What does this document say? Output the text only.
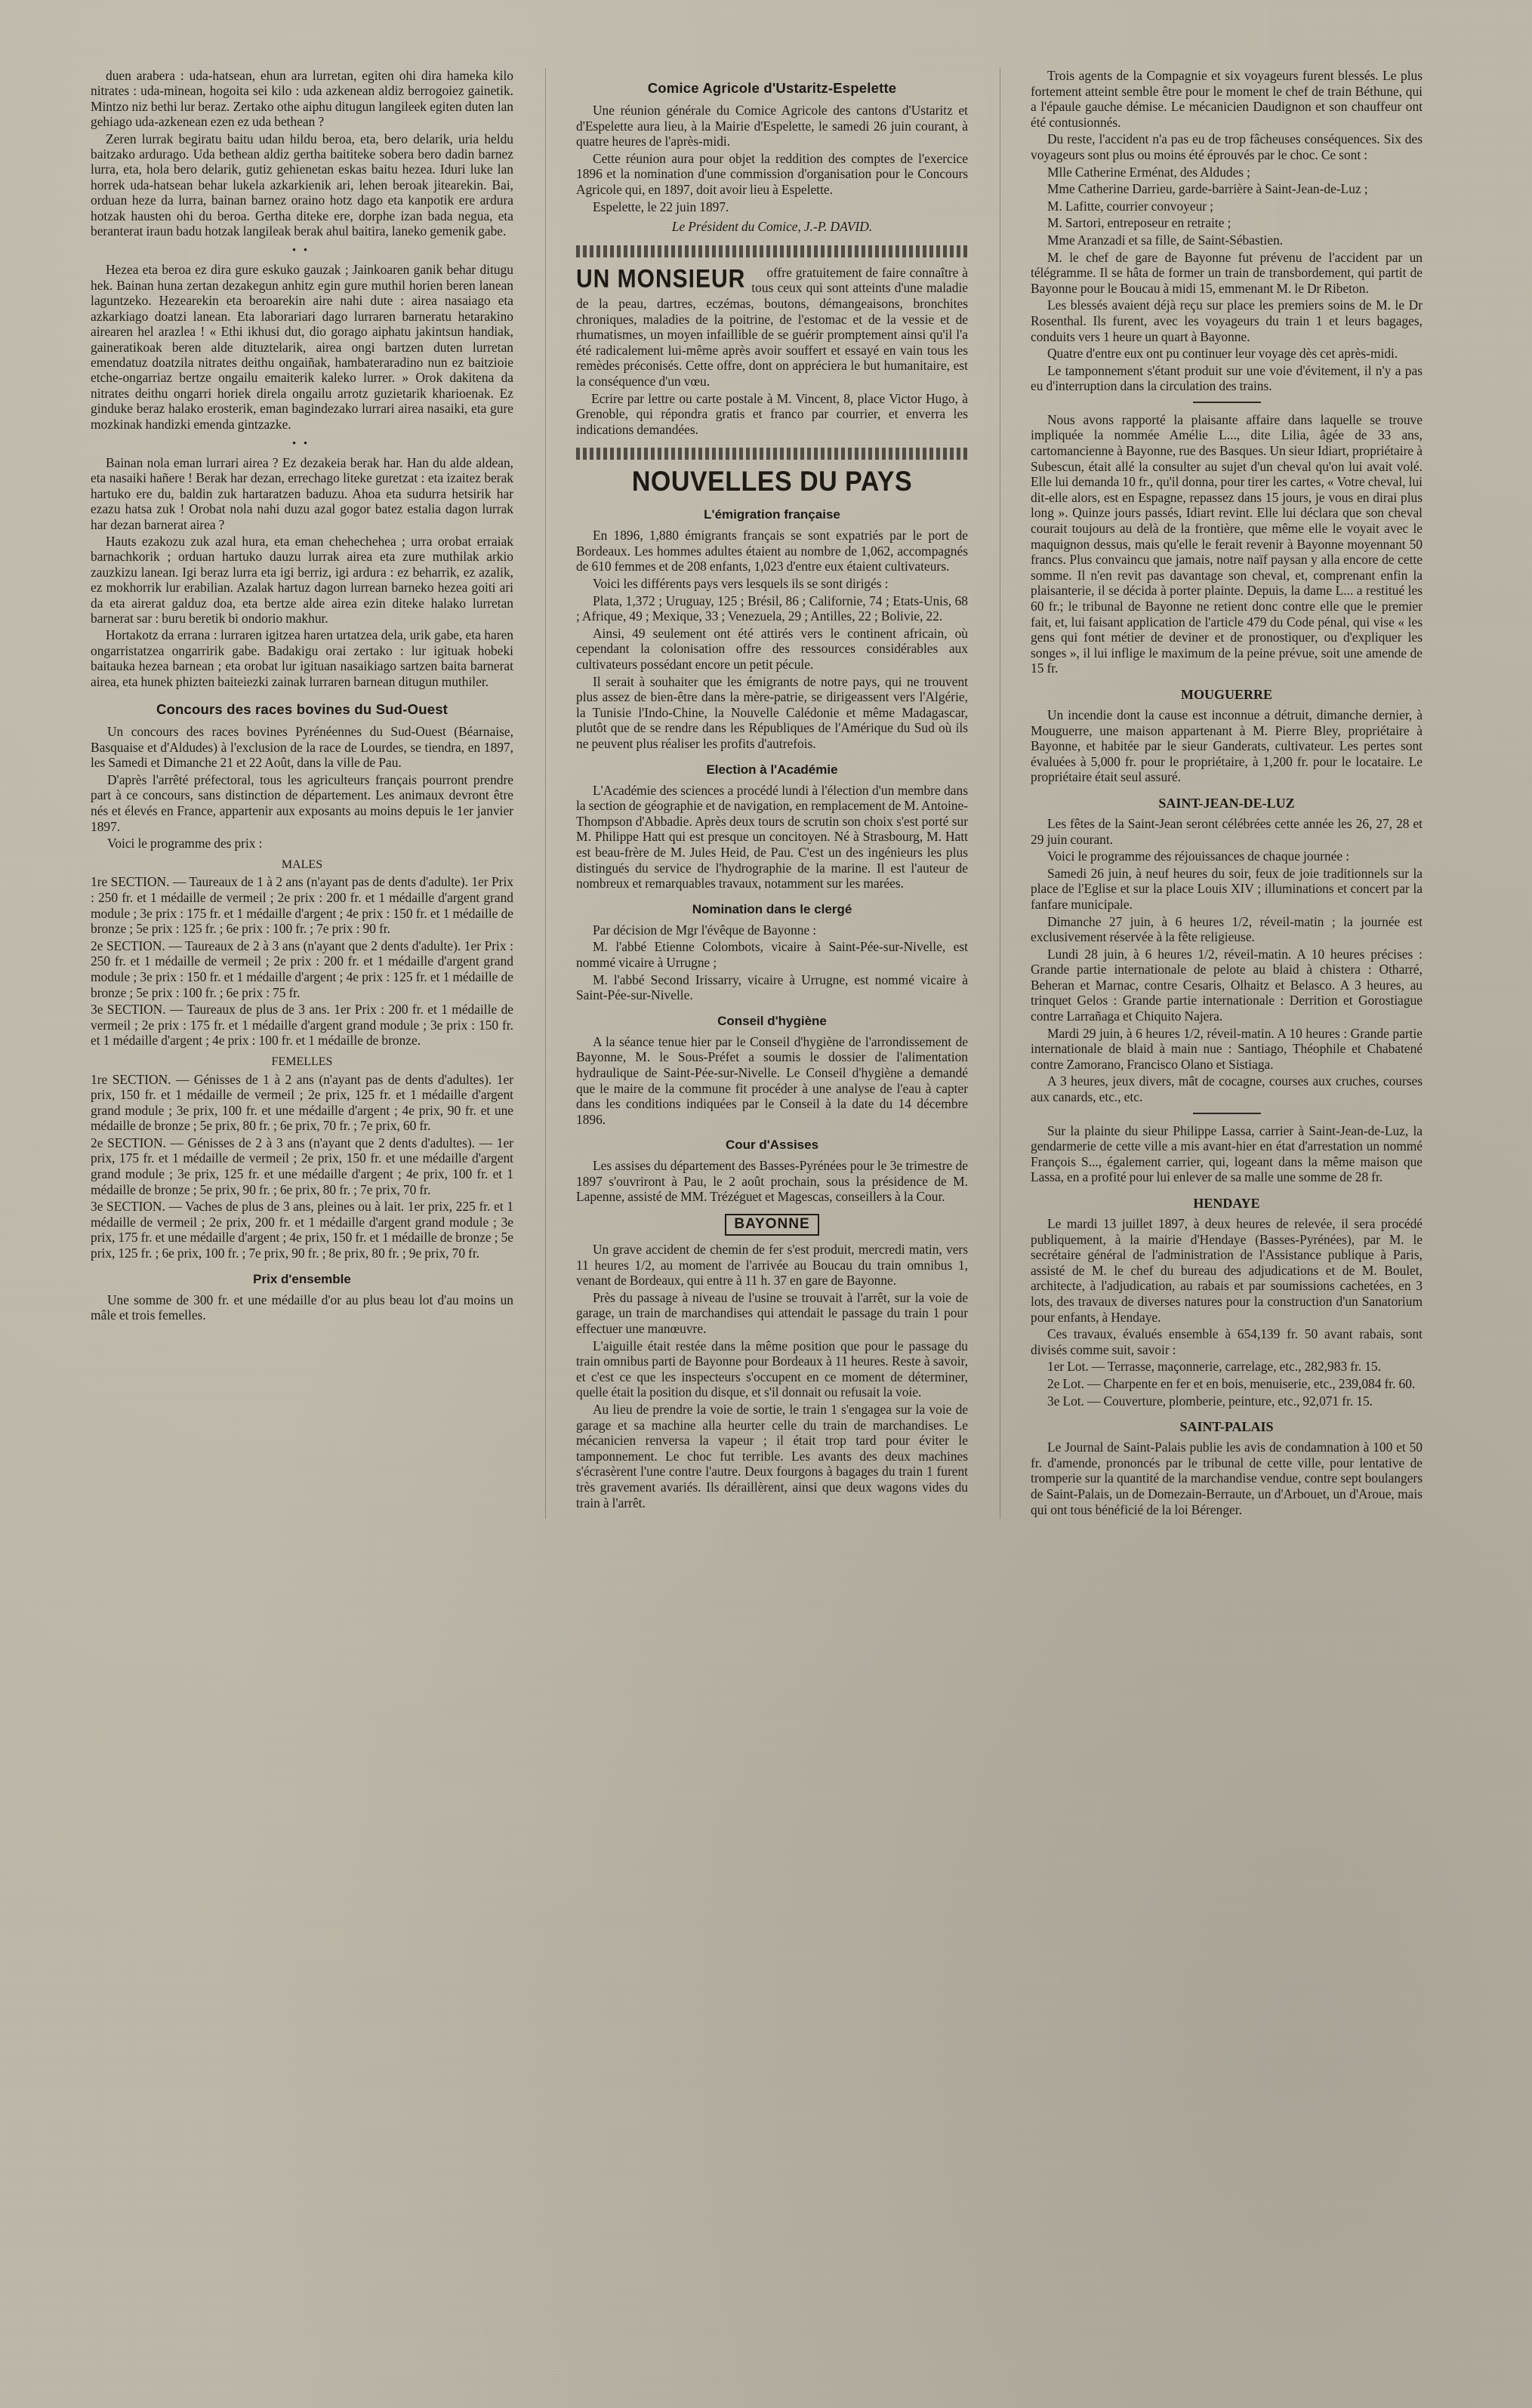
duen arabera : uda-hatsean, ehun ara lurretan, egiten ohi dira hameka kilo nitrates : uda-minean, hogoita sei kilo : uda azkenean aldiz berrogoiez gainetik. Mintzo niz bethi lur beraz. Zertako othe aiphu ditugun langileek egiten duten lan gehiago uda-azkenean ezen ez uda bethean ?

Zeren lurrak begiratu baitu udan hildu beroa, eta, bero delarik, uria heldu baitzako ardurago. Uda bethean aldiz gertha baititeke sobera bero dadin barnez lurra, eta, hola bero delarik, gutiz gehienetan eskas baitu hezea. Iduri luke lan horrek uda-hatsean behar lukela azkarkienik ari, lehen beroak jitearekin. Bai, orduan heze da lurra, bainan barnez oraino hotz dago eta kanpotik ere ardura hotzak hausten ohi du beroa. Gertha diteke ere, dorphe izan bada negua, eta beranterat iraun badu hotzak langileak berak ahul baitira, laneko gemenik gabe.

• •

Hezea eta beroa ez dira gure eskuko gauzak ; Jainkoaren ganik behar ditugu hek. Bainan huna zertan dezakegun anhitz egin gure muthil horien beren lanean laguntzeko. Hezearekin eta beroarekin aire nahi dute : airea nasaiago eta azkarkiago doatzi lanean. Eta laborariari dago lurraren barneratu hetarakino airearen hel arazlea ! « Ethi ikhusi dut, dio gorago aiphatu jakintsun handiak, gaineratikoak beren alde dituztelarik, airea ongi bartzen duten lurretan emendatuz doatzila nitrates deithu ongaiñak, hambateraradino nun ez baitzioie etche-ongarriaz bertze ongailu emaiterik kaleko lurrer. » Orok dakitena da nitrates deithu ongarri horiek direla ongailu arrotz guzietarik kharioenak. Ez ginduke beraz halako erosterik, eman bagindezako lurrari airea nasaiki, eta gure mozkinak handizki emenda gintzazke.

• •

Bainan nola eman lurrari airea ? Ez dezakeia berak har. Han du alde aldean, eta nasaiki hañere ! Berak har dezan, errechago liteke guretzat : eta izaitez berak hartuko ere du, baldin zuk hartaratzen baduzu. Ahoa eta sudurra hetsirik har ezazu hatsa zuk ! Orobat nola nahi duzu azal gogor batez estalia dagon lurrak har dezan barnerat airea ?

Hauts ezakozu zuk azal hura, eta eman chehechehea ; urra orobat erraiak barnachkorik ; orduan hartuko dauzu lurrak airea eta zure muthilak arkio zauzkizu lanean. Igi beraz lurra eta igi berriz, igi ardura : ez beharrik, ez azalik, ez mokhorrik lur erabilian. Azalak hartuz dagon lurrean barneko hezea goiti ari da eta airerat galduz doa, eta bertze alde airea ezin diteke halako lurretan barnerat sar : buru beretik bi ondorio makhur.

Hortakotz da errana : lurraren igitzea haren urtatzea dela, urik gabe, eta haren ongarristatzea ongarririk gabe. Badakigu orai zertako : lur igituak hobeki baitauka hezea barnean ; eta orobat lur igituan nasaikiago sartzen baita barnerat airea, eta hunek phizten baiteiezki zainak lurraren barnean ditugun muthiler.

Concours des races bovines du Sud-Ouest

Un concours des races bovines Pyrénéennes du Sud-Ouest (Béarnaise, Basquaise et d'Aldudes) à l'exclusion de la race de Lourdes, se tiendra, en 1897, les Samedi et Dimanche 21 et 22 Août, dans la ville de Pau.

D'après l'arrêté préfectoral, tous les agriculteurs français pourront prendre part à ce concours, sans distinction de département. Les animaux devront être nés et élevés en France, appartenir aux exposants au moins depuis le 1er janvier 1897.

Voici le programme des prix :

MALES

1re SECTION. — Taureaux de 1 à 2 ans (n'ayant pas de dents d'adulte). 1er Prix : 250 fr. et 1 médaille de vermeil ; 2e prix : 200 fr. et 1 médaille d'argent grand module ; 3e prix : 175 fr. et 1 médaille d'argent ; 4e prix : 150 fr. et 1 médaille de bronze ; 5e prix : 125 fr. ; 6e prix : 100 fr. ; 7e prix : 90 fr.

2e SECTION. — Taureaux de 2 à 3 ans (n'ayant que 2 dents d'adulte). 1er Prix : 250 fr. et 1 médaille de vermeil ; 2e prix : 200 fr. et 1 médaille d'argent grand module ; 3e prix : 150 fr. et 1 médaille d'argent ; 4e prix : 125 fr. et 1 médaille de bronze ; 5e prix : 100 fr. ; 6e prix : 75 fr.

3e SECTION. — Taureaux de plus de 3 ans. 1er Prix : 200 fr. et 1 médaille de vermeil ; 2e prix : 175 fr. et 1 médaille d'argent grand module ; 3e prix : 150 fr. et 1 médaille d'argent ; 4e prix : 100 fr. et 1 médaille de bronze.

FEMELLES

1re SECTION. — Génisses de 1 à 2 ans (n'ayant pas de dents d'adultes). 1er prix, 150 fr. et 1 médaille de vermeil ; 2e prix, 125 fr. et 1 médaille d'argent grand module ; 3e prix, 100 fr. et une médaille d'argent ; 4e prix, 90 fr. et une médaille de bronze ; 5e prix, 80 fr. ; 6e prix, 70 fr. ; 7e prix, 60 fr.

2e SECTION. — Génisses de 2 à 3 ans (n'ayant que 2 dents d'adultes). — 1er prix, 175 fr. et 1 médaille de vermeil ; 2e prix, 150 fr. et une médaille d'argent grand module ; 3e prix, 125 fr. et une médaille d'argent ; 4e prix, 100 fr. et 1 médaille de bronze ; 5e prix, 90 fr. ; 6e prix, 80 fr. ; 7e prix, 70 fr.

3e SECTION. — Vaches de plus de 3 ans, pleines ou à lait. 1er prix, 225 fr. et 1 médaille de vermeil ; 2e prix, 200 fr. et 1 médaille d'argent grand module ; 3e prix, 175 fr. et une médaille d'argent ; 4e prix, 150 fr. et 1 médaille de bronze ; 5e prix, 125 fr. ; 6e prix, 100 fr. ; 7e prix, 90 fr. ; 8e prix, 80 fr. ; 9e prix, 70 fr.

Prix d'ensemble

Une somme de 300 fr. et une médaille d'or au plus beau lot d'au moins un mâle et trois femelles.

Comice Agricole d'Ustaritz-Espelette

Une réunion générale du Comice Agricole des cantons d'Ustaritz et d'Espelette aura lieu, à la Mairie d'Espelette, le samedi 26 juin courant, à quatre heures de l'après-midi.

Cette réunion aura pour objet la reddition des comptes de l'exercice 1896 et la nomination d'une commission d'organisation pour le Concours Agricole qui, en 1897, doit avoir lieu à Espelette.

Espelette, le 22 juin 1897.

Le Président du Comice, J.-P. DAVID.

UN MONSIEUR	offre gratuitement de faire connaître à tous ceux qui sont atteints d'une maladie de la peau, dartres, eczémas, boutons, démangeaisons, bronchites chroniques, maladies de la poitrine, de l'estomac et de la vessie et de rhumatismes, un moyen infaillible de se guérir promptement ainsi qu'il l'a été radicalement lui-même après avoir souffert et essayé en vain tous les remèdes préconisés. Cette offre, dont on appréciera le but humanitaire, est la conséquence d'un vœu.

Ecrire par lettre ou carte postale à M. Vincent, 8, place Victor Hugo, à Grenoble, qui répondra gratis et franco par courrier, et enverra les indications demandées.

NOUVELLES DU PAYS
L'émigration française

En 1896, 1,880 émigrants français se sont expatriés par le port de Bordeaux. Les hommes adultes étaient au nombre de 1,062, accompagnés de 610 femmes et de 208 enfants, 1,023 d'entre eux étaient cultivateurs.

Voici les différents pays vers lesquels ils se sont dirigés :

Plata, 1,372 ; Uruguay, 125 ; Brésil, 86 ; Californie, 74 ; Etats-Unis, 68 ; Afrique, 49 ; Mexique, 33 ; Venezuela, 29 ; Antilles, 22 ; Bolivie, 22.

Ainsi, 49 seulement ont été attirés vers le continent africain, où cependant la colonisation offre des ressources considérables aux cultivateurs possédant encore un petit pécule.

Il serait à souhaiter que les émigrants de notre pays, qui ne trouvent plus assez de bien-être dans la mère-patrie, se dirigeassent vers l'Algérie, la Tunisie l'Indo-Chine, la Nouvelle Calédonie et même Madagascar, plutôt que de se rendre dans les Républiques de l'Amérique du Sud où ils ne peuvent plus réaliser les profits d'autrefois.

Election à l'Académie

L'Académie des sciences a procédé lundi à l'élection d'un membre dans la section de géographie et de navigation, en remplacement de M. Antoine-Thompson d'Abbadie. Après deux tours de scrutin son choix s'est porté sur M. Philippe Hatt qui est presque un concitoyen. Né à Strasbourg, M. Hatt est beau-frère de M. Jules Heid, de Pau. C'est un des ingénieurs les plus distingués du service de l'hydrographie de la marine. Il est l'auteur de nombreux et remarquables travaux, notamment sur les marées.

Nomination dans le clergé

Par décision de Mgr l'évêque de Bayonne :

M. l'abbé Etienne Colombots, vicaire à Saint-Pée-sur-Nivelle, est nommé vicaire à Urrugne ;

M. l'abbé Second Irissarry, vicaire à Urrugne, est nommé vicaire à Saint-Pée-sur-Nivelle.

Conseil d'hygiène

A la séance tenue hier par le Conseil d'hygiène de l'arrondissement de Bayonne, M. le Sous-Préfet a soumis le dossier de l'alimentation hydraulique de Saint-Pée-sur-Nivelle. Le Conseil d'hygiène a demandé que le maire de la commune fit procéder à une analyse de l'eau à capter dans les conditions indiquées par le Conseil à la date du 14 décembre 1896.

Cour d'Assises

Les assises du département des Basses-Pyrénées pour le 3e trimestre de 1897 s'ouvriront à Pau, le 2 août prochain, sous la présidence de M. Lapenne, assisté de MM. Trézéguet et Magescas, conseillers à la Cour.

BAYONNE

Un grave accident de chemin de fer s'est produit, mercredi matin, vers 11 heures 1/2, au moment de l'arrivée au Boucau du train omnibus 1, venant de Bordeaux, qui entre à 11 h. 37 en gare de Bayonne.

Près du passage à niveau de l'usine se trouvait à l'arrêt, sur la voie de garage, un train de marchandises qui attendait le passage du train 1 pour effectuer une manœuvre.

L'aiguille était restée dans la même position que pour le passage du train omnibus parti de Bayonne pour Bordeaux à 11 heures. Reste à savoir, et c'est ce que les inspecteurs s'occupent en ce moment de déterminer, quelle était la position du disque, et s'il donnait ou refusait la voie.

Au lieu de prendre la voie de sortie, le train 1 s'engagea sur la voie de garage et sa machine alla heurter celle du train de marchandises. Le mécanicien renversa la vapeur ; il était trop tard pour éviter le tamponnement. Le choc fut terrible. Les avants des deux machines s'écrasèrent l'une contre l'autre. Deux fourgons à bagages du train 1 furent très gravement avariés. Ils déraillèrent, ainsi que deux wagons vides du train à l'arrêt.

Trois agents de la Compagnie et six voyageurs furent blessés. Le plus fortement atteint semble être pour le moment le chef de train Béthune, qui a l'épaule gauche démise. Le mécanicien Daudignon et son chauffeur ont été contusionnés.

Du reste, l'accident n'a pas eu de trop fâcheuses conséquences. Six des voyageurs sont plus ou moins été éprouvés par le choc. Ce sont :

Mlle Catherine Erménat, des Aldudes ;

Mme Catherine Darrieu, garde-barrière à Saint-Jean-de-Luz ;

M. Lafitte, courrier convoyeur ;

M. Sartori, entreposeur en retraite ;

Mme Aranzadi et sa fille, de Saint-Sébastien.

M. le chef de gare de Bayonne fut prévenu de l'accident par un télégramme. Il se hâta de former un train de transbordement, qui partit de Bayonne pour le Boucau à midi 15, emmenant M. le Dr Ribeton.

Les blessés avaient déjà reçu sur place les premiers soins de M. le Dr Rosenthal. Ils furent, avec les voyageurs du train 1 et leurs bagages, conduits vers 1 heure un quart à Bayonne.

Quatre d'entre eux ont pu continuer leur voyage dès cet après-midi.

Le tamponnement s'étant produit sur une voie d'évitement, il n'y a pas eu d'interruption dans la circulation des trains.

Nous avons rapporté la plaisante affaire dans laquelle se trouve impliquée la nommée Amélie L..., dite Lilia, âgée de 33 ans, cartomancienne à Bayonne, rue des Basques. Un sieur Idiart, propriétaire à Subescun, était allé la consulter au sujet d'un cheval qu'on lui avait volé. Elle lui demanda 10 fr., qu'il donna, pour tirer les cartes, « Votre cheval, lui dit-elle alors, est en Espagne, repassez dans 15 jours, je vous en dirai plus long ». Quinze jours passés, Idiart revint. Elle lui déclara que son cheval courait toujours au delà de la frontière, que même elle le voyait avec le maquignon dessus, mais qu'elle le ferait revenir à Bayonne moyennant 50 francs. Plus convaincu que jamais, notre naïf paysan y alla encore de cette somme. Il n'en revit pas davantage son cheval, et, comprenant enfin la plaisanterie, il se décida à porter plainte. Depuis, la dame L... a restitué les 60 fr.; le tribunal de Bayonne ne retient donc contre elle que le premier fait, et, lui faisant application de l'article 479 du Code pénal, qui vise « les gens qui font métier de deviner et de pronostiquer, ou d'expliquer les songes », il lui inflige le maximum de la peine prévue, soit une amende de 15 fr.

MOUGUERRE

Un incendie dont la cause est inconnue a détruit, dimanche dernier, à Mouguerre, une maison appartenant à M. Pierre Bley, propriétaire à Bayonne, et habitée par le sieur Ganderats, cultivateur. Les pertes sont évaluées à 5,000 fr. pour le propriétaire, à 1,200 fr. pour le locataire. Le propriétaire était seul assuré.

SAINT-JEAN-DE-LUZ

Les fêtes de la Saint-Jean seront célébrées cette année les 26, 27, 28 et 29 juin courant.

Voici le programme des réjouissances de chaque journée :

Samedi 26 juin, à neuf heures du soir, feux de joie traditionnels sur la place de l'Eglise et sur la place Louis XIV ; illuminations et concert par la fanfare municipale.

Dimanche 27 juin, à 6 heures 1/2, réveil-matin ; la journée est exclusivement réservée à la fête religieuse.

Lundi 28 juin, à 6 heures 1/2, réveil-matin. A 10 heures précises : Grande partie internationale de pelote au blaid à chistera : Otharré, Beheran et Marnac, contre Cesaris, Olhaitz et Belasco. A 3 heures, au trinquet Gelos : Grande partie internationale : Derrition et Gorostiague contre Larrañaga et Chiquito Najera.

Mardi 29 juin, à 6 heures 1/2, réveil-matin. A 10 heures : Grande partie internationale de blaid à main nue : Santiago, Théophile et Chabatené contre Zamorano, Francisco Olano et Sistiaga.

A 3 heures, jeux divers, mât de cocagne, courses aux cruches, courses aux canards, etc., etc.

Sur la plainte du sieur Philippe Lassa, carrier à Saint-Jean-de-Luz, la gendarmerie de cette ville a mis avant-hier en état d'arrestation un nommé François S..., également carrier, qui, logeant dans la même maison que Lassa, en a profité pour lui enlever de sa malle une somme de 28 fr.

HENDAYE

Le mardi 13 juillet 1897, à deux heures de relevée, il sera procédé publiquement, à la mairie d'Hendaye (Basses-Pyrénées), par M. le secrétaire général de l'administration de l'Assistance publique à Paris, assisté de M. le chef du bureau des adjudications et de M. Boulet, architecte, à l'adjudication, au rabais et par soumissions cachetées, en 3 lots, des travaux de diverses natures pour la construction d'un Sanatorium pour enfants, à Hendaye.

Ces travaux, évalués ensemble à 654,139 fr. 50 avant rabais, sont divisés comme suit, savoir :

1er Lot. — Terrasse, maçonnerie, carrelage, etc., 282,983 fr. 15.

2e Lot. — Charpente en fer et en bois, menuiserie, etc., 239,084 fr. 60.

3e Lot. — Couverture, plomberie, peinture, etc., 92,071 fr. 15.

SAINT-PALAIS

Le Journal de Saint-Palais publie les avis de condamnation à 100 et 50 fr. d'amende, prononcés par le tribunal de cette ville, pour lentative de tromperie sur la quantité de la marchandise vendue, contre sept boulangers de Saint-Palais, un de Domezain-Berraute, un d'Arbouet, un d'Aroue, mais qui ont tous bénéficié de la loi Bérenger.
